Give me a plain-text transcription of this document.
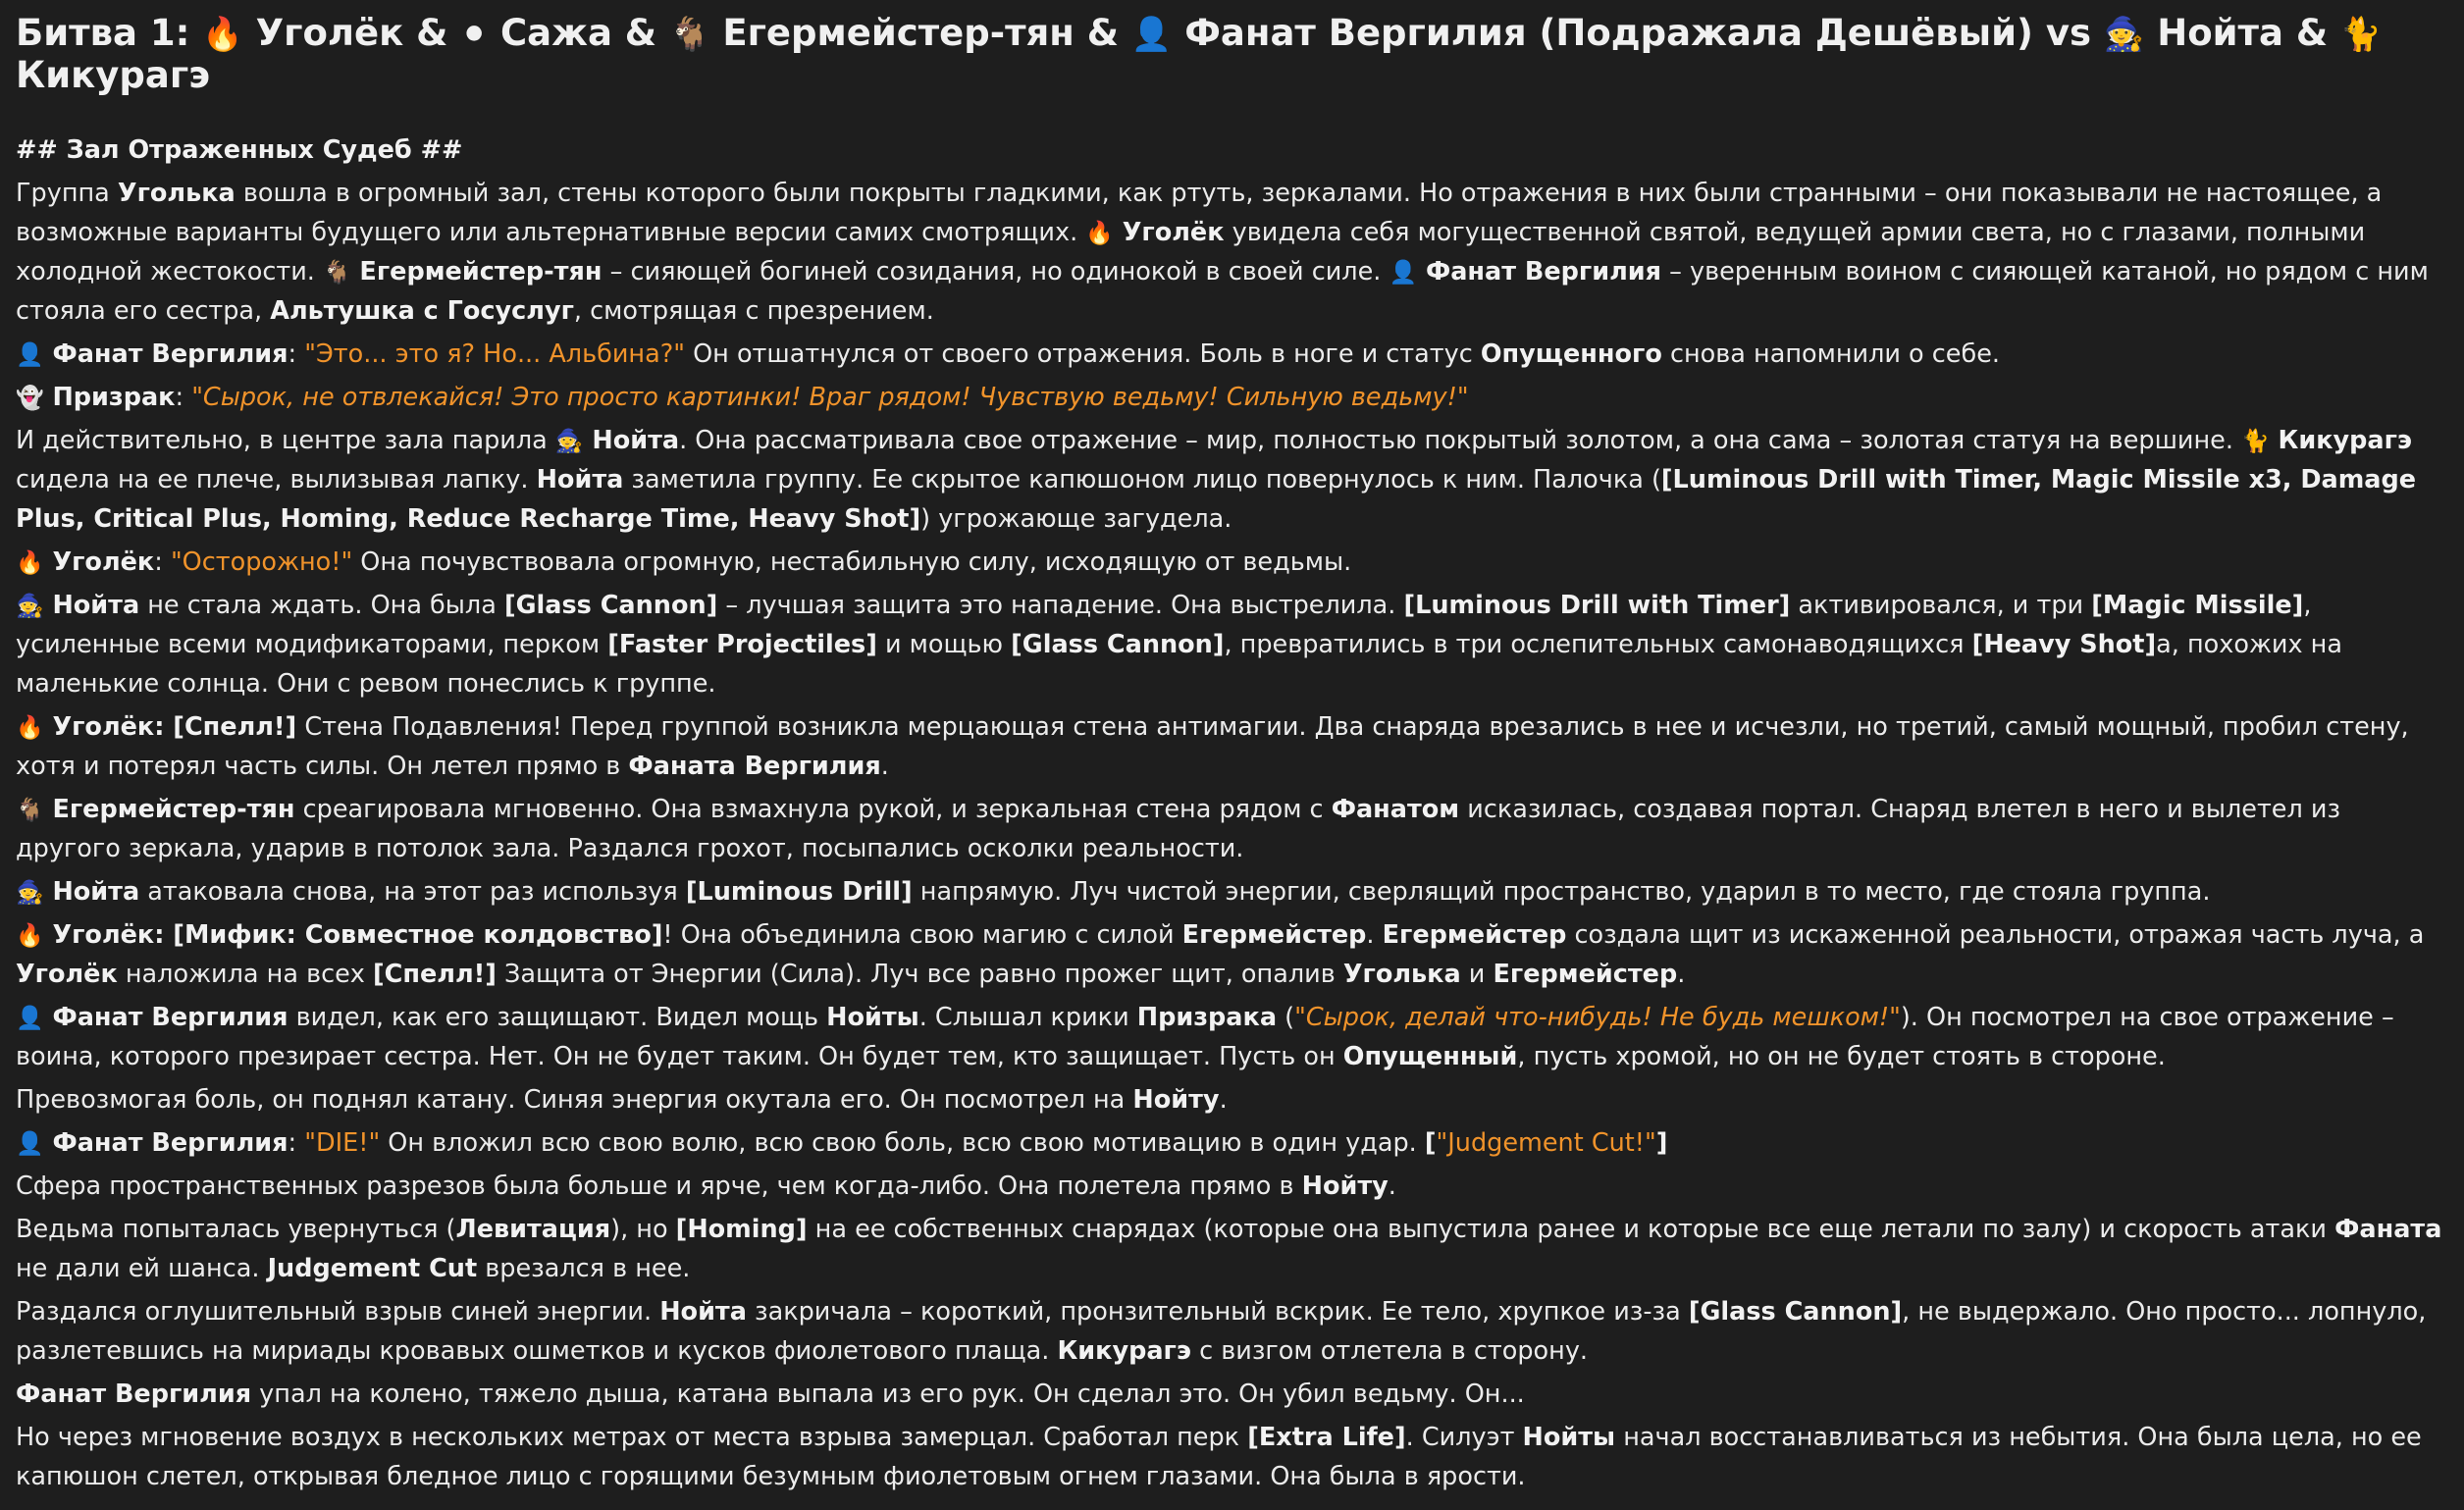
Битва 1: 🔥 Уголёк & ⚫ Сажа & 🐐 Егермейстер-тян & 👤 Фанат Вергилия (Подражала Дешёвый) vs 🧙 Нойта & 🐈 Кикурагэ

## Зал Отраженных Судеб ##

Группа Уголька вошла в огромный зал, стены которого были покрыты гладкими, как ртуть, зеркалами. Но отражения в них были странными – они показывали не настоящее, а возможные варианты будущего или альтернативные версии самих смотрящих. 🔥 Уголёк увидела себя могущественной святой, ведущей армии света, но с глазами, полными холодной жестокости. 🐐 Егермейстер-тян – сияющей богиней созидания, но одинокой в своей силе. 👤 Фанат Вергилия – уверенным воином с сияющей катаной, но рядом с ним стояла его сестра, Альтушка с Госуслуг, смотрящая с презрением.

👤 Фанат Вергилия: "Это... это я? Но... Альбина?" Он отшатнулся от своего отражения. Боль в ноге и статус Опущенного снова напомнили о себе.

👻 Призрак: "Сырок, не отвлекайся! Это просто картинки! Враг рядом! Чувствую ведьму! Сильную ведьму!"

И действительно, в центре зала парила 🧙 Нойта. Она рассматривала свое отражение – мир, полностью покрытый золотом, а она сама – золотая статуя на вершине. 🐈 Кикурагэ сидела на ее плече, вылизывая лапку. Нойта заметила группу. Ее скрытое капюшоном лицо повернулось к ним. Палочка ([Luminous Drill with Timer, Magic Missile x3, Damage Plus, Critical Plus, Homing, Reduce Recharge Time, Heavy Shot]) угрожающе загудела.

🔥 Уголёк: "Осторожно!" Она почувствовала огромную, нестабильную силу, исходящую от ведьмы.

🧙 Нойта не стала ждать. Она была [Glass Cannon] – лучшая защита это нападение. Она выстрелила. [Luminous Drill with Timer] активировался, и три [Magic Missile], усиленные всеми модификаторами, перком [Faster Projectiles] и мощью [Glass Cannon], превратились в три ослепительных самонаводящихся [Heavy Shot]а, похожих на маленькие солнца. Они с ревом понеслись к группе.

🔥 Уголёк: [Спелл!] Стена Подавления! Перед группой возникла мерцающая стена антимагии. Два снаряда врезались в нее и исчезли, но третий, самый мощный, пробил стену, хотя и потерял часть силы. Он летел прямо в Фаната Вергилия.

🐐 Егермейстер-тян среагировала мгновенно. Она взмахнула рукой, и зеркальная стена рядом с Фанатом исказилась, создавая портал. Снаряд влетел в него и вылетел из другого зеркала, ударив в потолок зала. Раздался грохот, посыпались осколки реальности.

🧙 Нойта атаковала снова, на этот раз используя [Luminous Drill] напрямую. Луч чистой энергии, сверлящий пространство, ударил в то место, где стояла группа.

🔥 Уголёк: [Мифик: Совместное колдовство]! Она объединила свою магию с силой Егермейстер. Егермейстер создала щит из искаженной реальности, отражая часть луча, а Уголёк наложила на всех [Спелл!] Защита от Энергии (Сила). Луч все равно прожег щит, опалив Уголька и Егермейстер.

👤 Фанат Вергилия видел, как его защищают. Видел мощь Нойты. Слышал крики Призрака ("Сырок, делай что-нибудь! Не будь мешком!"). Он посмотрел на свое отражение – воина, которого презирает сестра. Нет. Он не будет таким. Он будет тем, кто защищает. Пусть он Опущенный, пусть хромой, но он не будет стоять в стороне.

Превозмогая боль, он поднял катану. Синяя энергия окутала его. Он посмотрел на Нойту.

👤 Фанат Вергилия: "DIE!" Он вложил всю свою волю, всю свою боль, всю свою мотивацию в один удар. ["Judgement Cut!"]

Сфера пространственных разрезов была больше и ярче, чем когда-либо. Она полетела прямо в Нойту.

Ведьма попыталась увернуться (Левитация), но [Homing] на ее собственных снарядах (которые она выпустила ранее и которые все еще летали по залу) и скорость атаки Фаната не дали ей шанса. Judgement Cut врезался в нее.

Раздался оглушительный взрыв синей энергии. Нойта закричала – короткий, пронзительный вскрик. Ее тело, хрупкое из-за [Glass Cannon], не выдержало. Оно просто... лопнуло, разлетевшись на мириады кровавых ошметков и кусков фиолетового плаща. Кикурагэ с визгом отлетела в сторону.

Фанат Вергилия упал на колено, тяжело дыша, катана выпала из его рук. Он сделал это. Он убил ведьму. Он...

Но через мгновение воздух в нескольких метрах от места взрыва замерцал. Сработал перк [Extra Life]. Силуэт Нойты начал восстанавливаться из небытия. Она была цела, но ее капюшон слетел, открывая бледное лицо с горящими безумным фиолетовым огнем глазами. Она была в ярости.
